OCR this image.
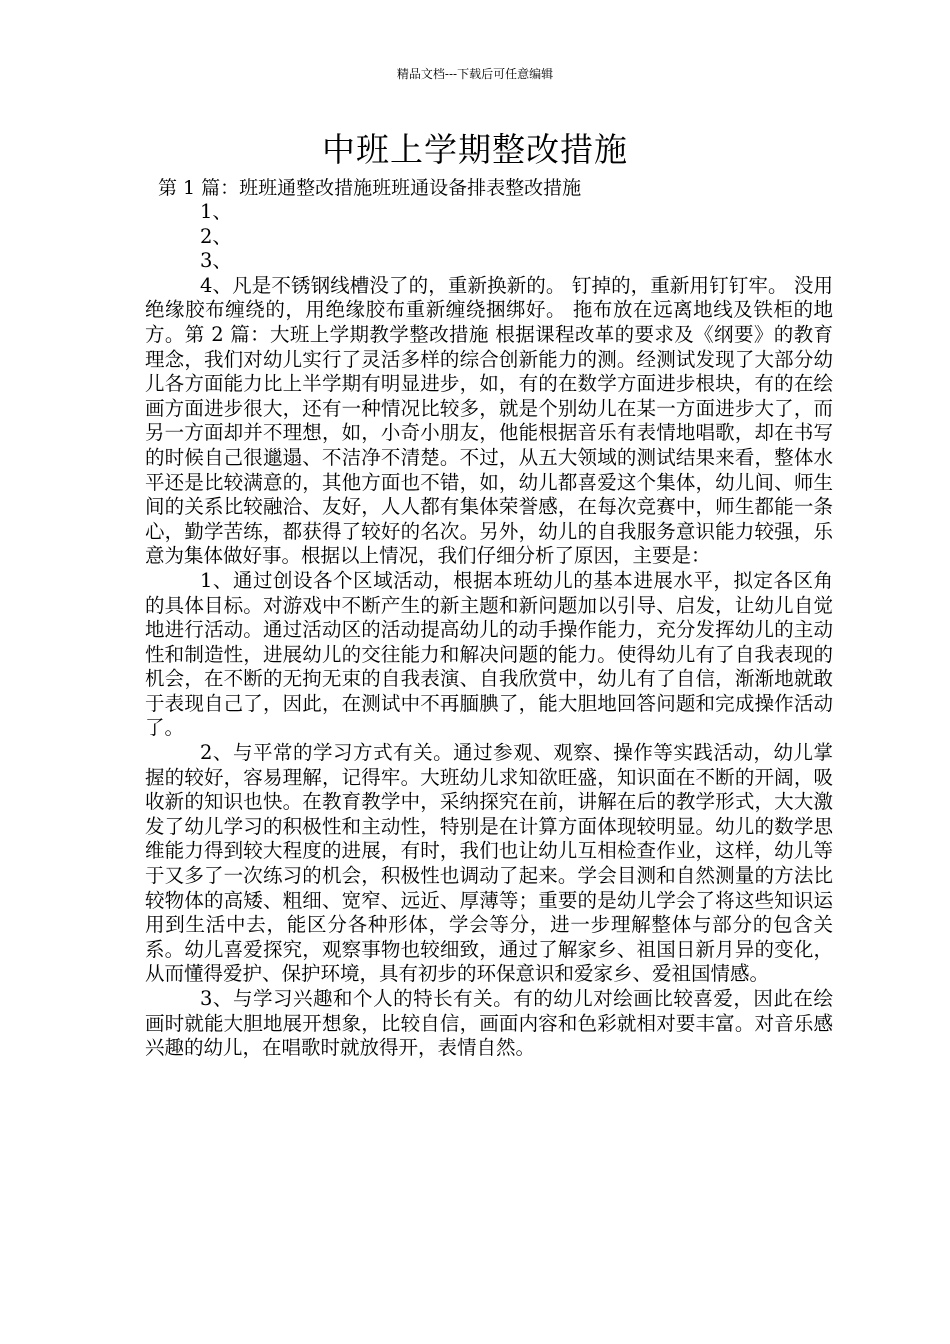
精品文档---下载后可任意编辑
中班上学期整改措施
第 1 篇：班班通整改措施班班通设备排表整改措施

1、

2、

3、

4、凡是不锈钢线槽没了的，重新换新的。 钉掉的，重新用钉钉牢。 没用绝缘胶布缠绕的，用绝缘胶布重新缠绕捆绑好。 拖布放在远离地线及铁柜的地方。第 2 篇：大班上学期教学整改措施 根据课程改革的要求及《纲要》的教育理念，我们对幼儿实行了灵活多样的综合创新能力的测。经测试发现了大部分幼儿各方面能力比上半学期有明显进步，如，有的在数学方面进步根块，有的在绘画方面进步很大，还有一种情况比较多，就是个别幼儿在某一方面进步大了，而另一方面却并不理想，如，小奇小朋友，他能根据音乐有表情地唱歌，却在书写的时候自己很邋遢、不洁净不清楚。不过，从五大领域的测试结果来看，整体水平还是比较满意的，其他方面也不错，如，幼儿都喜爱这个集体，幼儿间、师生间的关系比较融洽、友好，人人都有集体荣誉感，在每次竞赛中，师生都能一条心，勤学苦练，都获得了较好的名次。另外，幼儿的自我服务意识能力较强，乐意为集体做好事。根据以上情况，我们仔细分析了原因，主要是：

1、通过创设各个区域活动，根据本班幼儿的基本进展水平，拟定各区角的具体目标。对游戏中不断产生的新主题和新问题加以引导、启发，让幼儿自觉地进行活动。通过活动区的活动提高幼儿的动手操作能力，充分发挥幼儿的主动性和制造性，进展幼儿的交往能力和解决问题的能力。使得幼儿有了自我表现的机会，在不断的无拘无束的自我表演、自我欣赏中，幼儿有了自信，渐渐地就敢于表现自己了，因此，在测试中不再腼腆了，能大胆地回答问题和完成操作活动了。

2、与平常的学习方式有关。通过参观、观察、操作等实践活动，幼儿掌握的较好，容易理解，记得牢。大班幼儿求知欲旺盛，知识面在不断的开阔，吸收新的知识也快。在教育教学中，采纳探究在前，讲解在后的教学形式，大大激发了幼儿学习的积极性和主动性，特别是在计算方面体现较明显。幼儿的数学思维能力得到较大程度的进展，有时，我们也让幼儿互相检查作业，这样，幼儿等于又多了一次练习的机会，积极性也调动了起来。学会目测和自然测量的方法比较物体的高矮、粗细、宽窄、远近、厚薄等；重要的是幼儿学会了将这些知识运用到生活中去，能区分各种形体，学会等分，进一步理解整体与部分的包含关系。幼儿喜爱探究，观察事物也较细致，通过了解家乡、祖国日新月异的变化，从而懂得爱护、保护环境，具有初步的环保意识和爱家乡、爱祖国情感。

3、与学习兴趣和个人的特长有关。有的幼儿对绘画比较喜爱，因此在绘画时就能大胆地展开想象，比较自信，画面内容和色彩就相对要丰富。对音乐感兴趣的幼儿，在唱歌时就放得开，表情自然。
